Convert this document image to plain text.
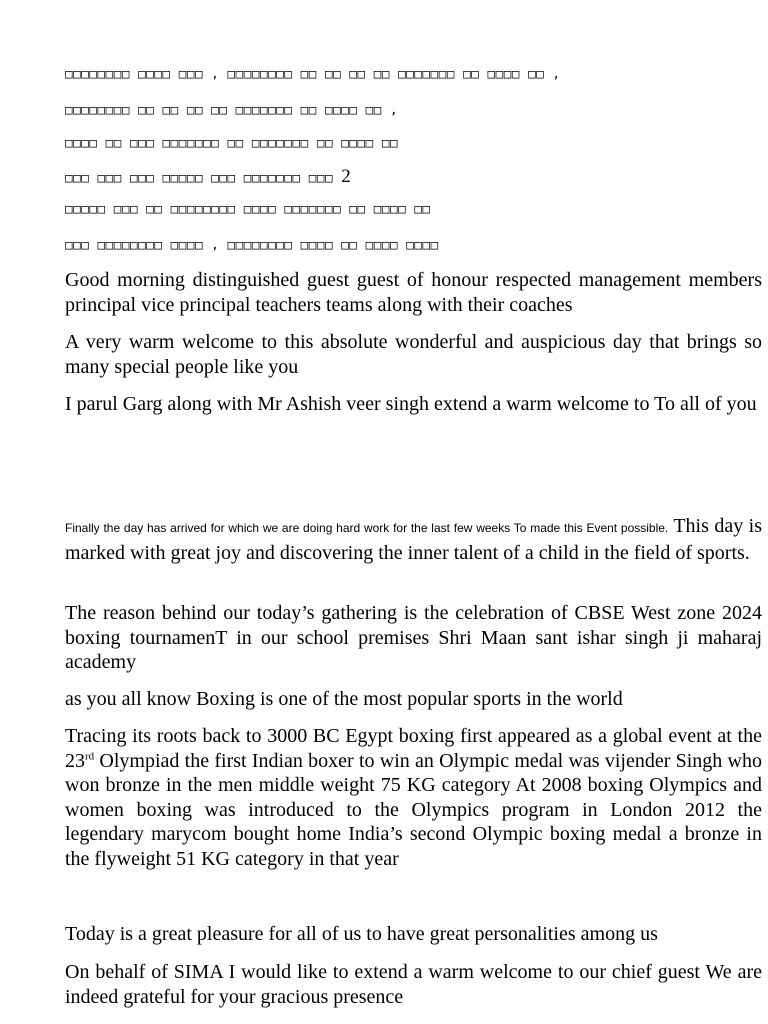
□□□□□□□□ □□□□ □□□ , □□□□□□□□ □□ □□ □□ □□ □□□□□□□ □□ □□□□ □□ ,
□□□□□□□□ □□ □□ □□ □□ □□□□□□□ □□ □□□□ □□ ,
□□□□ □□ □□□ □□□□□□□ □□ □□□□□□□ □□ □□□□ □□
□□□ □□□ □□□ □□□□□ □□□ □□□□□□□ □□□ 2
□□□□□ □□□ □□ □□□□□□□□ □□□□ □□□□□□□ □□ □□□□ □□
□□□ □□□□□□□□ □□□□ , □□□□□□□□ □□□□ □□ □□□□ □□□□

Good morning distinguished guest guest of honour respected management members principal vice principal teachers teams along with their coaches

A very warm welcome to this absolute wonderful and auspicious day that brings so many special people like you

I parul Garg along with Mr Ashish veer singh extend a warm welcome to To all of you

Finally the day has arrived for which we are doing hard work for the last few weeks To made this Event possible. This day is marked with great joy and discovering the inner talent of a child in the field of sports.

The reason behind our today’s gathering is the celebration of CBSE West zone 2024 boxing tournamenT in our school premises Shri Maan sant ishar singh ji maharaj academy

as you all know Boxing is one of the most popular sports in the world

Tracing its roots back to 3000 BC Egypt boxing first appeared as a global event at the 23rd Olympiad the first Indian boxer to win an Olympic medal was vijender Singh who won bronze in the men middle weight 75 KG category At 2008 boxing Olympics and women boxing was introduced to the Olympics program in London 2012 the legendary marycom bought home India’s second Olympic boxing medal a bronze in the flyweight 51 KG category in that year

Today is a great pleasure for all of us to have great personalities among us

On behalf of SIMA I would like to extend a warm welcome to our chief guest We are indeed grateful for your gracious presence
